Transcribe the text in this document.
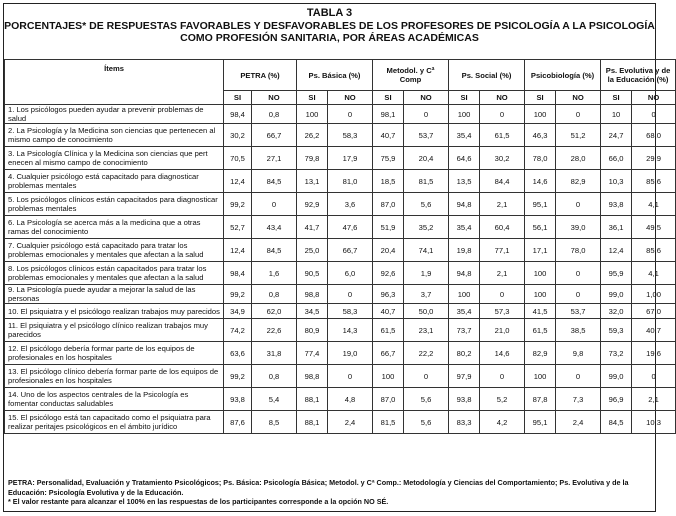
TABLA 3
PORCENTAJES* DE RESPUESTAS FAVORABLES Y DESFAVORABLES DE LOS PROFESORES DE PSICOLOGÍA A LA PSICOLOGÍA
COMO PROFESIÓN SANITARIA, POR ÁREAS ACADÉMICAS
Ítems	PETRA (%)		Ps. Básica (%)		Metodol. y Cª Comp		Ps. Social (%)		Psicobiología (%)		Ps. Evolutiva y de la Educación (%)	
	SI	NO	SI	NO	SI	NO	SI	NO	SI	NO	SI	NO
1. Los psicólogos pueden ayudar a prevenir problemas de salud	98,4	0,8	100	0	98,1	0	100	0	100	0	10	0
2. La Psicología y la Medicina son ciencias que pertenecen al mismo campo de conocimiento	30,2	66,7	26,2	58,3	40,7	53,7	35,4	61,5	46,3	51,2	24,7	68,0
3. La Psicología Clínica y la Medicina son ciencias que pert enecen al mismo campo de conocimiento	70,5	27,1	79,8	17,9	75,9	20,4	64,6	30,2	78,0	28,0	66,0	29,9
4. Cualquier psicólogo está capacitado para diagnosticar problemas mentales	12,4	84,5	13,1	81,0	18,5	81,5	13,5	84,4	14,6	82,9	10,3	85,6
5. Los psicólogos clínicos están capacitados para diagnosticar problemas mentales	99,2	0	92,9	3,6	87,0	5,6	94,8	2,1	95,1	0	93,8	4,1
6. La Psicología se acerca más a la medicina que a otras ramas del conocimiento	52,7	43,4	41,7	47,6	51,9	35,2	35,4	60,4	56,1	39,0	36,1	49,5
7. Cualquier psicólogo está capacitado para tratar los problemas emocionales y mentales que afectan a la salud	12,4	84,5	25,0	66,7	20,4	74,1	19,8	77,1	17,1	78,0	12,4	85,6
8. Los psicólogos clínicos están capacitados para tratar los problemas emocionales y mentales que afectan a la salud	98,4	1,6	90,5	6,0	92,6	1,9	94,8	2,1	100	0	95,9	4,1
9. La Psicología puede ayudar a mejorar la salud de las personas	99,2	0,8	98,8	0	96,3	3,7	100	0	100	0	99,0	1,00
10. El psiquiatra y el psicólogo realizan trabajos muy parecidos	34,9	62,0	34,5	58,3	40,7	50,0	35,4	57,3	41,5	53,7	32,0	67,0
11. El psiquiatra y el psicólogo clínico realizan trabajos muy parecidos	74,2	22,6	80,9	14,3	61,5	23,1	73,7	21,0	61,5	38,5	59,3	40,7
12. El psicólogo debería formar parte de los equipos de profesionales en los hospitales	63,6	31,8	77,4	19,0	66,7	22,2	80,2	14,6	82,9	9,8	73,2	19,6
13. El psicólogo clínico debería formar parte de los equipos de profesionales en los hospitales	99,2	0,8	98,8	0	100	0	97,9	0	100	0	99,0	0
14. Uno de los aspectos centrales de la Psicología es fomentar conductas saludables	93,8	5,4	88,1	4,8	87,0	5,6	93,8	5,2	87,8	7,3	96,9	2,1
15. El psicólogo está tan capacitado como el psiquiatra para realizar peritajes psicológicos en el ámbito jurídico	87,6	8,5	88,1	2,4	81,5	5,6	83,3	4,2	95,1	2,4	84,5	10,3
PETRA: Personalidad, Evaluación y Tratamiento Psicológicos; Ps. Básica: Psicología Básica; Metodol. y Cª Comp.: Metodología y Ciencias del Comportamiento; Ps. Evolutiva y de la Educación: Psicología Evolutiva y de la Educación.
* El valor restante para alcanzar el 100% en las respuestas de los participantes corresponde a la opción NO SÉ.
